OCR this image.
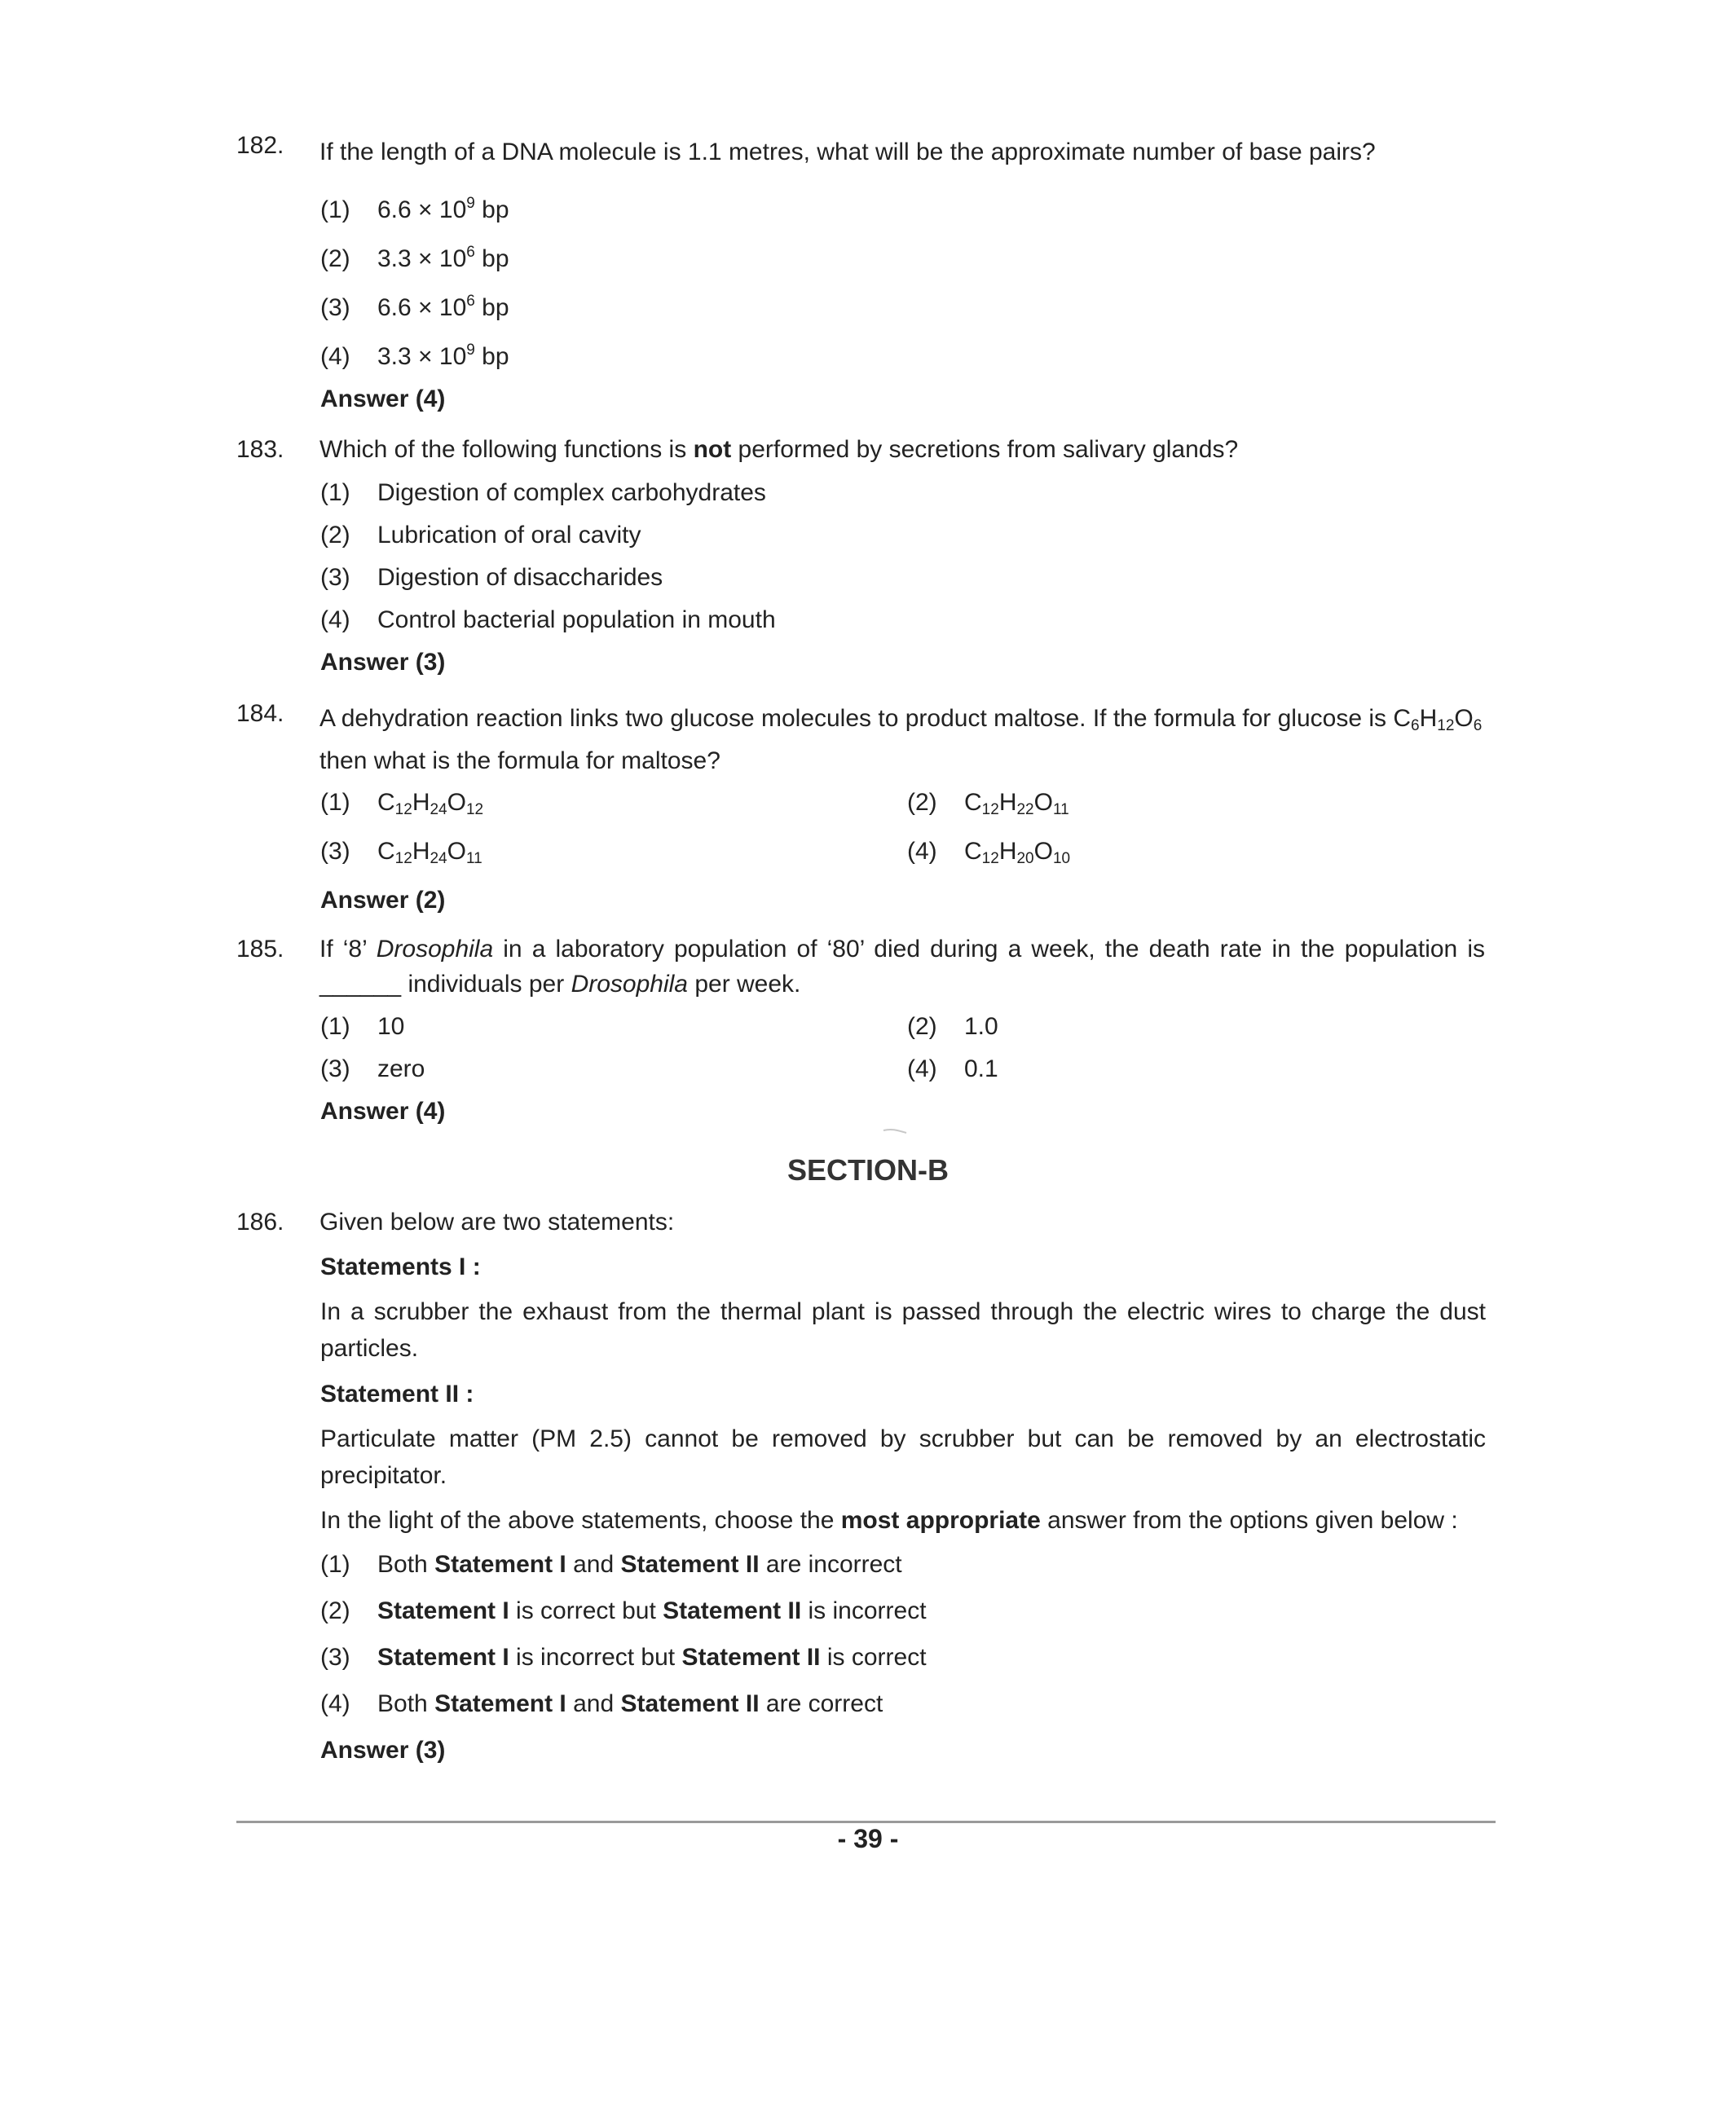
182. If the length of a DNA molecule is 1.1 metres, what will be the approximate number of base pairs?
(1) $6.6 \times 10^9$ bp
(2) $3.3 \times 10^6$ bp
(3) $6.6 \times 10^6$ bp
(4) $3.3 \times 10^9$ bp
Answer (4)
183. Which of the following functions is not performed by secretions from salivary glands?
(1) Digestion of complex carbohydrates
(2) Lubrication of oral cavity
(3) Digestion of disaccharides
(4) Control bacterial population in mouth
Answer (3)
184. A dehydration reaction links two glucose molecules to product maltose. If the formula for glucose is $C_6H_{12}O_6$
then what is the formula for maltose?
(1) $C_{12}H_{24}O_{12}$	(2) $C_{12}H_{22}O_{11}$
(3) $C_{12}H_{24}O_{11}$	(4) $C_{12}H_{20}O_{10}$
Answer (2)
185. If ‘8’ Drosophila in a laboratory population of ‘80’ died during a week, the death rate in the population is ______ individuals per Drosophila per week.
(1) 10	(2) 1.0
(3) zero	(4) 0.1
Answer (4)
SECTION-B
186. Given below are two statements:
Statements I :
In a scrubber the exhaust from the thermal plant is passed through the electric wires to charge the dust particles.
Statement II :
Particulate matter (PM 2.5) cannot be removed by scrubber but can be removed by an electrostatic precipitator.
In the light of the above statements, choose the most appropriate answer from the options given below :
(1) Both Statement I and Statement II are incorrect
(2) Statement I is correct but Statement II is incorrect
(3) Statement I is incorrect but Statement II is correct
(4) Both Statement I and Statement II are correct
Answer (3)
- 39 -
